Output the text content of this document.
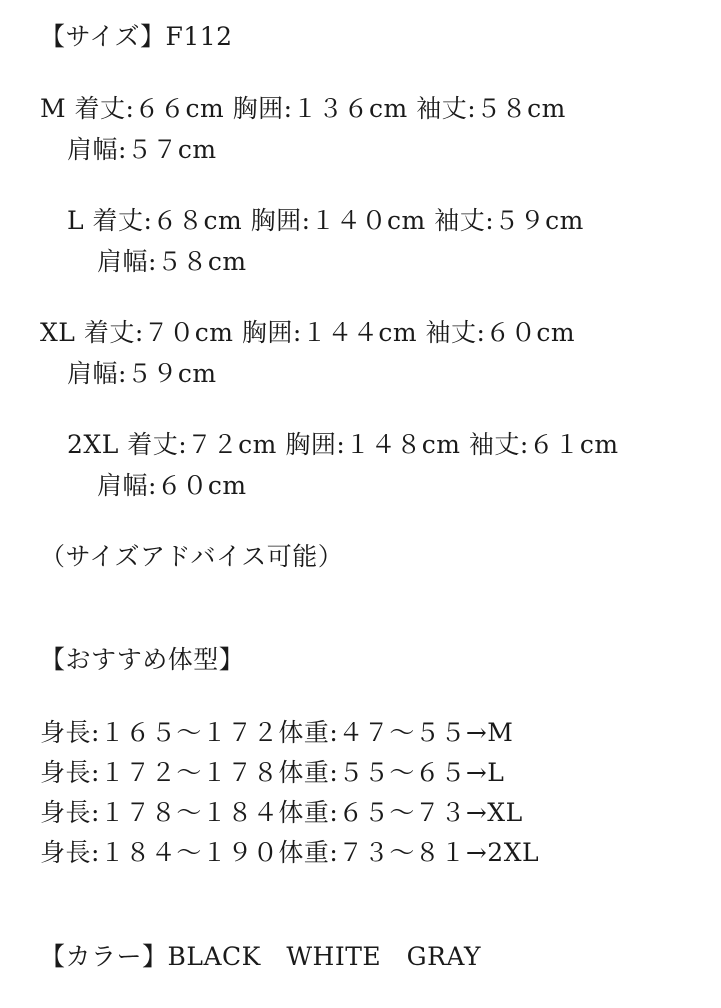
【サイズ】F112
M 着丈:６６cm 胸囲:１３６cm 袖丈:５８cm
肩幅:５７cm
L 着丈:６８cm 胸囲:１４０cm 袖丈:５９cm
肩幅:５８cm
XL 着丈:７０cm 胸囲:１４４cm 袖丈:６０cm
肩幅:５９cm
2XL 着丈:７２cm 胸囲:１４８cm 袖丈:６１cm
肩幅:６０cm
（サイズアドバイス可能）
【おすすめ体型】
身長:１６５〜１７２体重:４７〜５５→M
身長:１７２〜１７８体重:５５〜６５→L
身長:１７８〜１８４体重:６５〜７３→XL
身長:１８４〜１９０体重:７３〜８１→2XL
【カラー】BLACK　WHITE　GRAY
